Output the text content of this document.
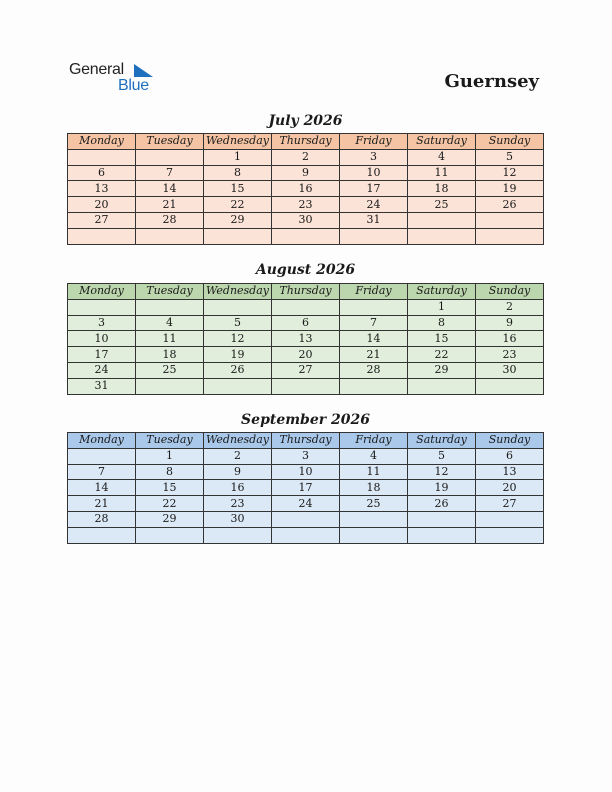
General
Blue	Guernsey
July 2026
Monday	Tuesday	Wednesday	Thursday	Friday	Saturday	Sunday
		1	2	3	4	5
6	7	8	9	10	11	12
13	14	15	16	17	18	19
20	21	22	23	24	25	26
27	28	29	30	31		

August 2026
Monday	Tuesday	Wednesday	Thursday	Friday	Saturday	Sunday
					1	2
3	4	5	6	7	8	9
10	11	12	13	14	15	16
17	18	19	20	21	22	23
24	25	26	27	28	29	30
31						
September 2026
Monday	Tuesday	Wednesday	Thursday	Friday	Saturday	Sunday
	1	2	3	4	5	6
7	8	9	10	11	12	13
14	15	16	17	18	19	20
21	22	23	24	25	26	27
28	29	30				
